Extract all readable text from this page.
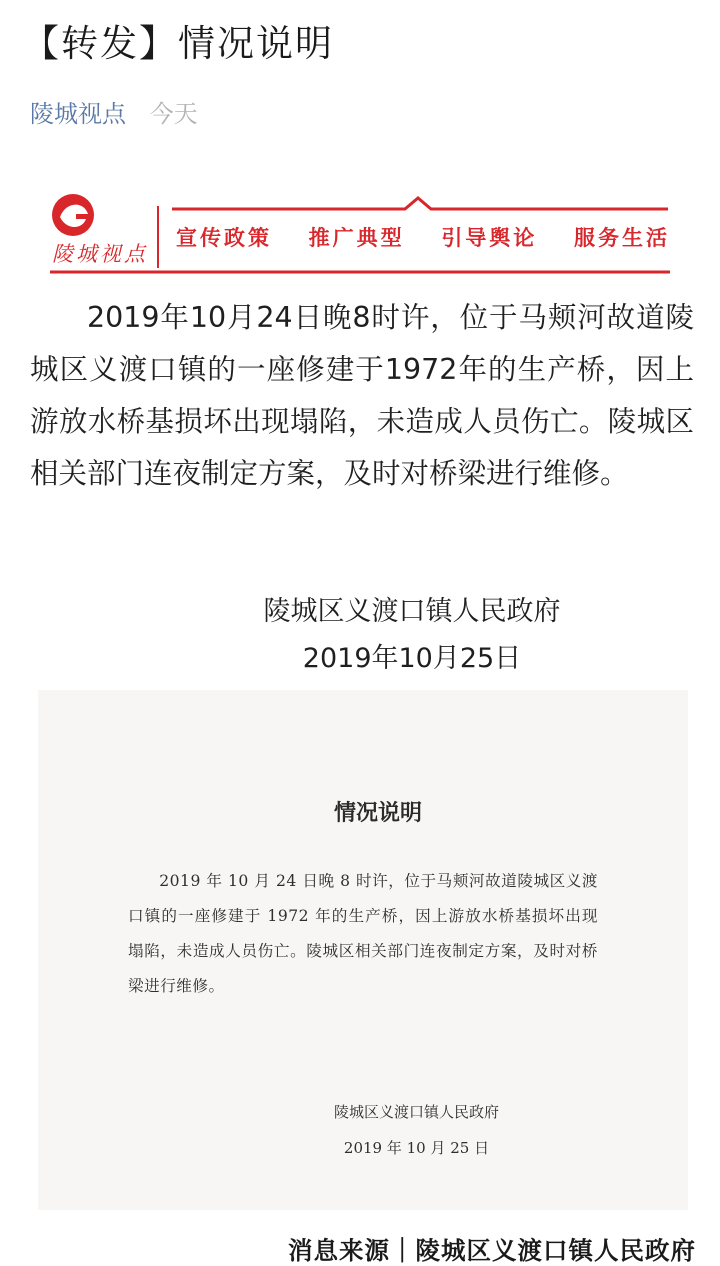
【转发】情况说明
陵城视点 今天
陵城视点
宣传政策 推广典型 引导舆论 服务生活

2019年10月24日晚8时许，位于马颊河故道陵城区义渡口镇的一座修建于1972年的生产桥，因上游放水桥基损坏出现塌陷，未造成人员伤亡。陵城区相关部门连夜制定方案，及时对桥梁进行维修。

陵城区义渡口镇人民政府
2019年10月25日
情况说明

2019 年 10 月 24 日晚 8 时许，位于马颊河故道陵城区义渡口镇的一座修建于 1972 年的生产桥，因上游放水桥基损坏出现塌陷，未造成人员伤亡。陵城区相关部门连夜制定方案，及时对桥梁进行维修。

陵城区义渡口镇人民政府
2019 年 10 月 25 日
消息来源｜陵城区义渡口镇人民政府
